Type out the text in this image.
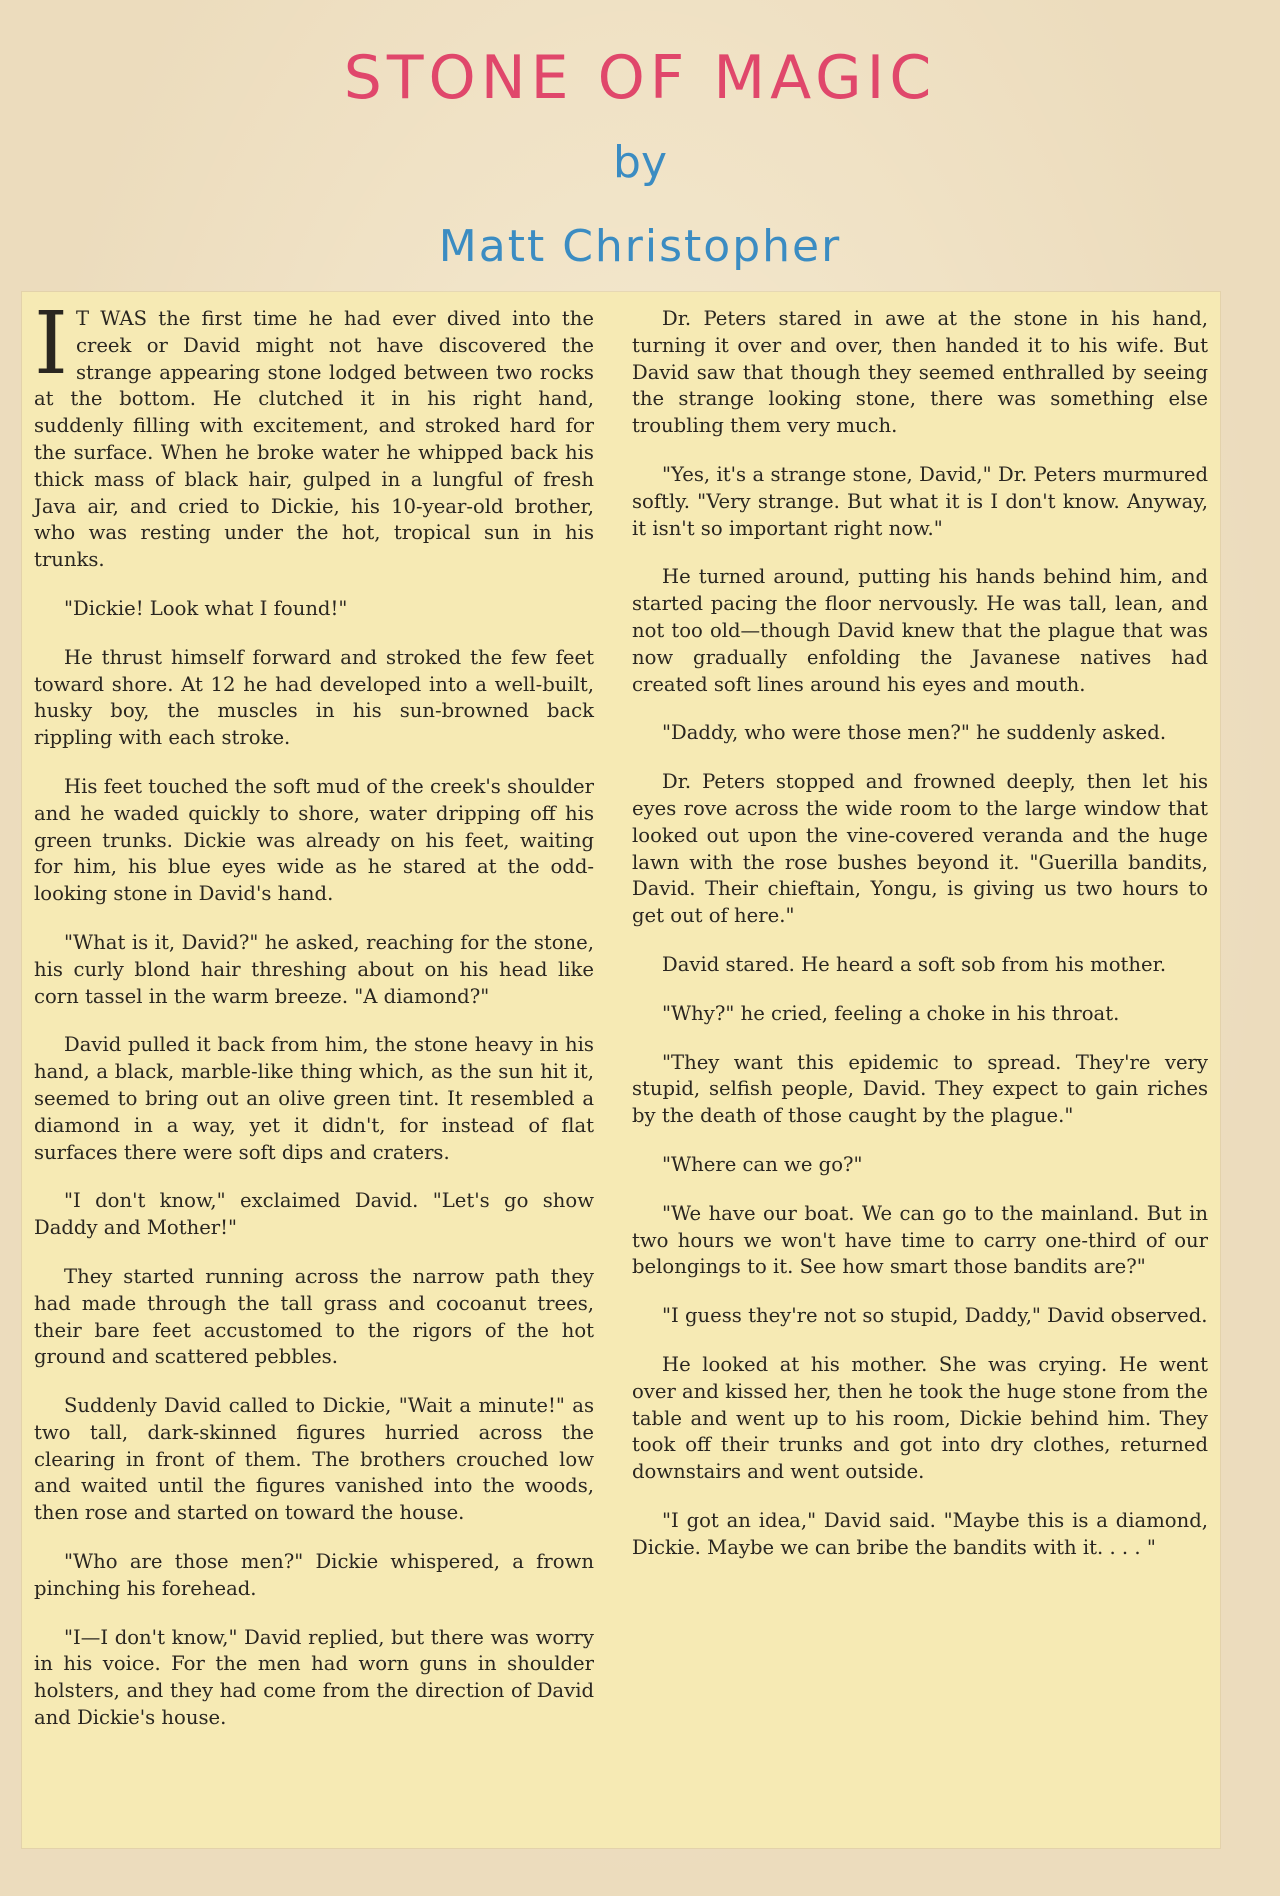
STONE OF MAGIC
by
Matt Christopher

I T WAS the first time he had ever dived into the creek or David might not have discovered the strange appearing stone lodged between two rocks at the bottom. He clutched it in his right hand, suddenly filling with excitement, and stroked hard for the surface. When he broke water he whipped back his thick mass of black hair, gulped in a lungful of fresh Java air, and cried to Dickie, his 10-year-old brother, who was resting under the hot, tropical sun in his trunks.

"Dickie! Look what I found!"

He thrust himself forward and stroked the few feet toward shore. At 12 he had developed into a well-built, husky boy, the muscles in his sun-browned back rippling with each stroke.

His feet touched the soft mud of the creek's shoulder and he waded quickly to shore, water dripping off his green trunks. Dickie was already on his feet, waiting for him, his blue eyes wide as he stared at the odd-looking stone in David's hand.

"What is it, David?" he asked, reaching for the stone, his curly blond hair threshing about on his head like corn tassel in the warm breeze. "A diamond?"

David pulled it back from him, the stone heavy in his hand, a black, marble-like thing which, as the sun hit it, seemed to bring out an olive green tint. It resembled a diamond in a way, yet it didn't, for instead of flat surfaces there were soft dips and craters.

"I don't know," exclaimed David. "Let's go show Daddy and Mother!"

They started running across the narrow path they had made through the tall grass and cocoanut trees, their bare feet accustomed to the rigors of the hot ground and scattered pebbles.

Suddenly David called to Dickie, "Wait a minute!" as two tall, dark-skinned figures hurried across the clearing in front of them. The brothers crouched low and waited until the figures vanished into the woods, then rose and started on toward the house.

"Who are those men?" Dickie whispered, a frown pinching his forehead.

"I—I don't know," David replied, but there was worry in his voice. For the men had worn guns in shoulder holsters, and they had come from the direction of David and Dickie's house.

Dr. Peters stared in awe at the stone in his hand, turning it over and over, then handed it to his wife. But David saw that though they seemed enthralled by seeing the strange looking stone, there was something else troubling them very much.

"Yes, it's a strange stone, David," Dr. Peters murmured softly. "Very strange. But what it is I don't know. Anyway, it isn't so important right now."

He turned around, putting his hands behind him, and started pacing the floor nervously. He was tall, lean, and not too old—though David knew that the plague that was now gradually enfolding the Javanese natives had created soft lines around his eyes and mouth.

"Daddy, who were those men?" he suddenly asked.

Dr. Peters stopped and frowned deeply, then let his eyes rove across the wide room to the large window that looked out upon the vine-covered veranda and the huge lawn with the rose bushes beyond it. "Guerilla bandits, David. Their chieftain, Yongu, is giving us two hours to get out of here."

David stared. He heard a soft sob from his mother.

"Why?" he cried, feeling a choke in his throat.

"They want this epidemic to spread. They're very stupid, selfish people, David. They expect to gain riches by the death of those caught by the plague."

"Where can we go?"

"We have our boat. We can go to the mainland. But in two hours we won't have time to carry one-third of our belongings to it. See how smart those bandits are?"

"I guess they're not so stupid, Daddy," David observed.

He looked at his mother. She was crying. He went over and kissed her, then he took the huge stone from the table and went up to his room, Dickie behind him. They took off their trunks and got into dry clothes, returned downstairs and went outside.

"I got an idea," David said. "Maybe this is a diamond, Dickie. Maybe we can bribe the bandits with it. . . . "
